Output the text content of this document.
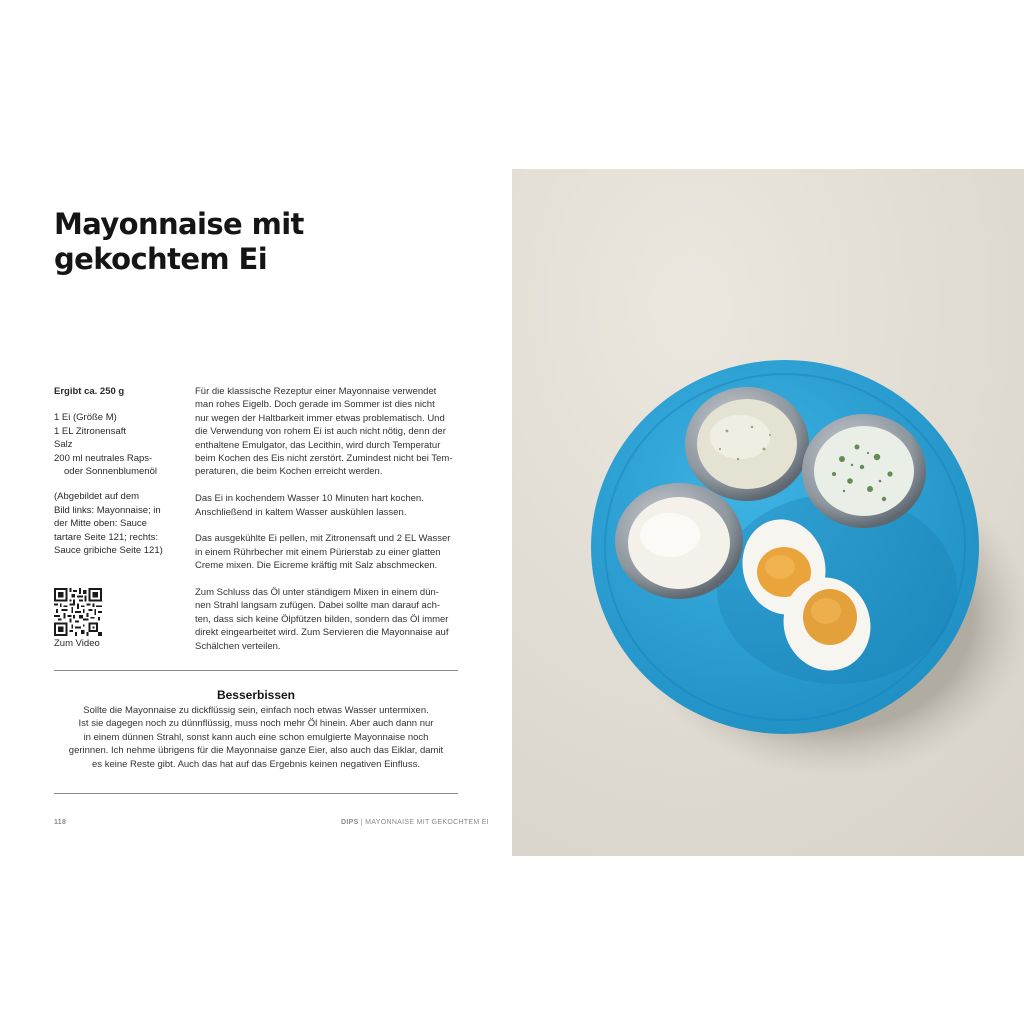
Mayonnaise mit
gekochtem Ei
Ergibt ca. 250 g
1 Ei (Größe M)
1 EL Zitronensaft
Salz
200 ml neutrales Raps-
oder Sonnenblumenöl
(Abgebildet auf dem
Bild links: Mayonnaise; in
der Mitte oben: Sauce
tartare Seite 121; rechts:
Sauce gribiche Seite 121)
Zum Video
Für die klassische Rezeptur einer Mayonnaise verwendet
man rohes Eigelb. Doch gerade im Sommer ist dies nicht
nur wegen der Haltbarkeit immer etwas problematisch. Und
die Verwendung von rohem Ei ist auch nicht nötig, denn der
enthaltene Emulgator, das Lecithin, wird durch Temperatur
beim Kochen des Eis nicht zerstört. Zumindest nicht bei Tem-
peraturen, die beim Kochen erreicht werden.
Das Ei in kochendem Wasser 10 Minuten hart kochen.
Anschließend in kaltem Wasser auskühlen lassen.
Das ausgekühlte Ei pellen, mit Zitronensaft und 2 EL Wasser
in einem Rührbecher mit einem Pürierstab zu einer glatten
Creme mixen. Die Eicreme kräftig mit Salz abschmecken.
Zum Schluss das Öl unter ständigem Mixen in einem dün-
nen Strahl langsam zufügen. Dabei sollte man darauf ach-
ten, dass sich keine Ölpfützen bilden, sondern das Öl immer
direkt eingearbeitet wird. Zum Servieren die Mayonnaise auf
Schälchen verteilen.
Besserbissen
Sollte die Mayonnaise zu dickflüssig sein, einfach noch etwas Wasser untermixen.
Ist sie dagegen noch zu dünnflüssig, muss noch mehr Öl hinein. Aber auch dann nur
in einem dünnen Strahl, sonst kann auch eine schon emulgierte Mayonnaise noch
gerinnen. Ich nehme übrigens für die Mayonnaise ganze Eier, also auch das Eiklar, damit
es keine Reste gibt. Auch das hat auf das Ergebnis keinen negativen Einfluss.
118	DIPS | MAYONNAISE MIT GEKOCHTEM EI
